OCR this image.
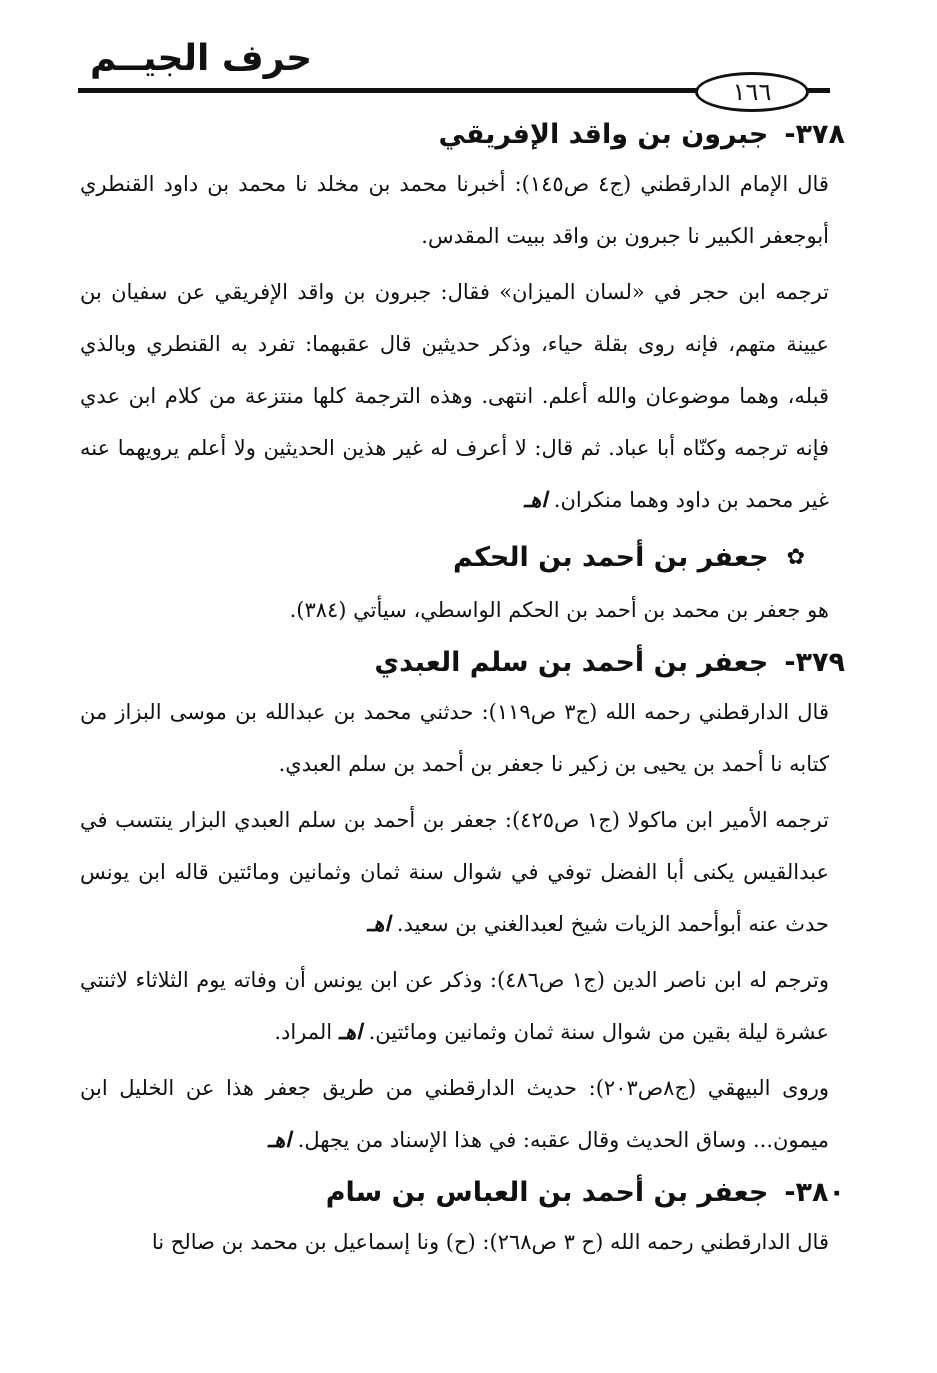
حرف الجيــم
١٦٦
٣٧٨-جبرون بن واقد الإفريقي

قال الإمام الدارقطني (ج٤ ص١٤٥): أخبرنا محمد بن مخلد نا محمد بن داود القنطري أبوجعفر الكبير نا جبرون بن واقد ببيت المقدس.

ترجمه ابن حجر في «لسان الميزان» فقال: جبرون بن واقد الإفريقي عن سفيان بن عيينة متهم، فإنه روى بقلة حياء، وذكر حديثين قال عقبهما: تفرد به القنطري وبالذي قبله، وهما موضوعان والله أعلم. انتهى. وهذه الترجمة كلها منتزعة من كلام ابن عدي فإنه ترجمه وكنّاه أبا عباد. ثم قال: لا أعرف له غير هذين الحديثين ولا أعلم يرويهما عنه غير محمد بن داود وهما منكران. اهـ

✿جعفر بن أحمد بن الحكم

هو جعفر بن محمد بن أحمد بن الحكم الواسطي، سيأتي (٣٨٤).

٣٧٩-جعفر بن أحمد بن سلم العبدي

قال الدارقطني رحمه الله (ج٣ ص١١٩): حدثني محمد بن عبدالله بن موسى البزاز من كتابه نا أحمد بن يحيى بن زكير نا جعفر بن أحمد بن سلم العبدي.

ترجمه الأمير ابن ماكولا (ج١ ص٤٢٥): جعفر بن أحمد بن سلم العبدي البزار ينتسب في عبدالقيس يكنى أبا الفضل توفي في شوال سنة ثمان وثمانين ومائتين قاله ابن يونس حدث عنه أبوأحمد الزيات شيخ لعبدالغني بن سعيد. اهـ

وترجم له ابن ناصر الدين (ج١ ص٤٨٦): وذكر عن ابن يونس أن وفاته يوم الثلاثاء لاثنتي عشرة ليلة بقين من شوال سنة ثمان وثمانين ومائتين. اهـ المراد.

وروى البيهقي (ج٨ص٢٠٣): حديث الدارقطني من طريق جعفر هذا عن الخليل ابن ميمون... وساق الحديث وقال عقبه: في هذا الإسناد من يجهل. اهـ

٣٨٠-جعفر بن أحمد بن العباس بن سام

قال الدارقطني رحمه الله (ح ٣ ص٢٦٨): (ح) ونا إسماعيل بن محمد بن صالح نا
